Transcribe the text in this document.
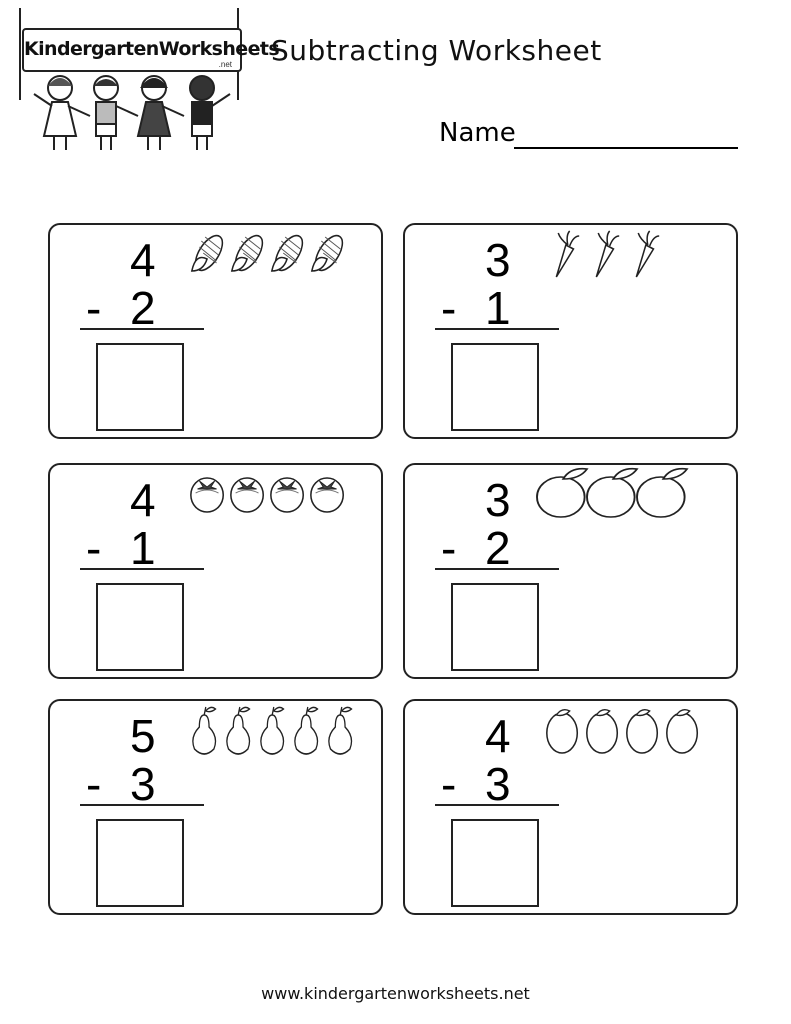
KindergartenWorksheets
.net Subtracting Worksheet
Name
4
- 2
3
- 1
4
- 1
3
- 2
5
- 3
4
- 3
www.kindergartenworksheets.net
